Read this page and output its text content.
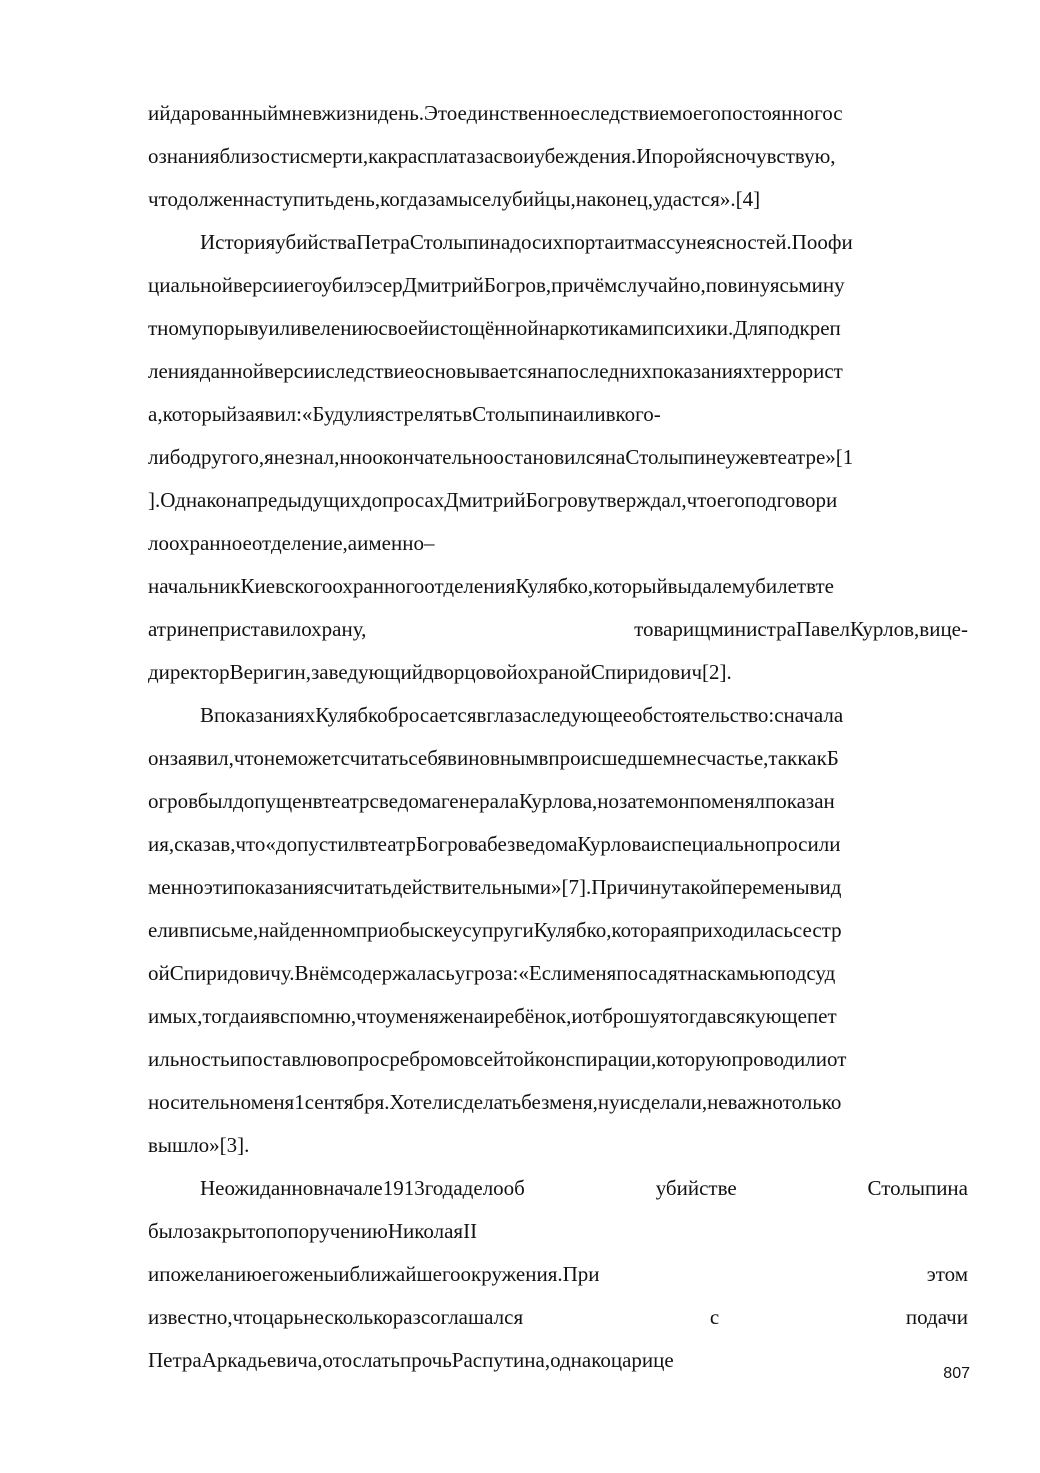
ийдарованныймневжизнидень.Этоединственноеследствиемоегопостоянногос
ознанияблизостисмерти,какрасплатазасвоиубеждения.Ипоройясночувствую,
чтодолженнаступитьдень,когдазамыселубийцы,наконец,удастся».[4]
ИсторияубийстваПетраСтолыпинадосихпортаитмассунеясностей.Поофи
циальнойверсииегоубилэсерДмитрийБогров,причёмслучайно,повинуясьмину
тномупорывуиливелениюсвоейистощённойнаркотикамипсихики.Дляподкреп
ленияданнойверсииследствиеосновываетсянапоследнихпоказанияхтеррорист
а,которыйзаявил:«БудулиястрелятьвСтолыпинаиливкого-
либодругого,янезнал,нноокончательноостановилсянаСтолыпинеужевтеатре»[1
].ОднаконапредыдущихдопросахДмитрийБогровутверждал,чтоегоподговори
лоохранноеотделение,аименно–
начальникКиевскогоохранногоотделенияКулябко,которыйвыдалемубилетвте
атринеприставилохрану,	товарищминистраПавелКурлов,вице-
директорВеригин,заведующийдворцовойохранойСпиридович[2].
ВпоказанияхКулябкобросаетсявглазаследующееобстоятельство:сначала
онзаявил,чтонеможетсчитатьсебявиновнымвпроисшедшемнесчастье,таккакБ
огровбылдопущенвтеатрсведомагенералаКурлова,нозатемонпоменялпоказан
ия,сказав,что«допустилвтеатрБогровабезведомаКурловаиспециальнопросили
менноэтипоказаниясчитатьдействительными»[7].Причинутакойпеременывид
еливписьме,найденномприобыскеусупругиКулябко,котораяприходиласьсестр
ойСпиридовичу.Внёмсодержаласьугроза:«Еслименяпосадятнаскамьюподсуд
имых,тогдаиявспомню,чтоуменяженаиребёнок,иотброшуятогдавсякующепет
ильностьипоставлювопросребромовсейтойконспирации,которуюпроводилиот
носительноменя1сентября.Хотелисделатьбезменя,нуисделали,неважнотолько
вышло»[3].
Неожиданновначале1913годаделооб	убийстве	Столыпина
былозакрытопопоручениюНиколаяII
ипожеланиюегоженыиближайшегоокружения.При	этом
известно,чтоцарьнесколькоразсоглашался	с	подачи
ПетраАркадьевича,отослатьпрочьРаспутина,однакоцарице
807
